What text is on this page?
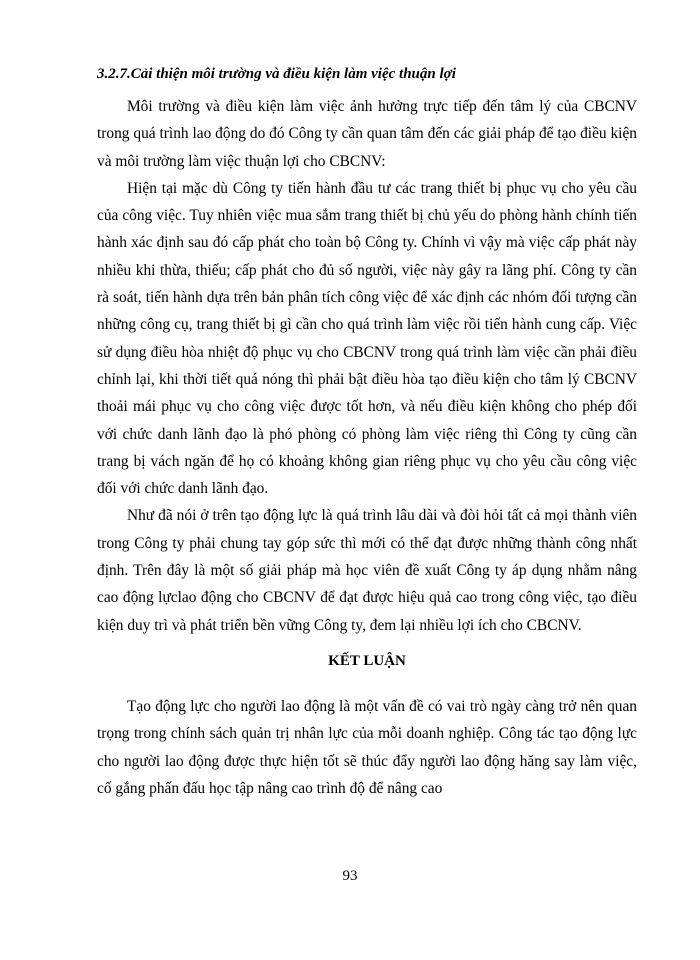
3.2.7.Cải thiện môi trường và điều kiện làm việc thuận lợi

Môi trường và điều kiện làm việc ảnh hưởng trực tiếp đến tâm lý của CBCNV trong quá trình lao động do đó Công ty cần quan tâm đến các giải pháp để tạo điều kiện và môi trường làm việc thuận lợi cho CBCNV:

Hiện tại mặc dù Công ty tiến hành đầu tư các trang thiết bị phục vụ cho yêu cầu của công việc. Tuy nhiên việc mua sắm trang thiết bị chủ yếu do phòng hành chính tiến hành xác định sau đó cấp phát cho toàn bộ Công ty. Chính vì vậy mà việc cấp phát này nhiều khi thừa, thiếu; cấp phát cho đủ số người, việc này gây ra lãng phí. Công ty cần rà soát, tiến hành dựa trên bản phân tích công việc để xác định các nhóm đối tượng cần những công cụ, trang thiết bị gì cần cho quá trình làm việc rồi tiến hành cung cấp. Việc sử dụng điều hòa nhiệt độ phục vụ cho CBCNV trong quá trình làm việc cần phải điều chỉnh lại, khi thời tiết quá nóng thì phải bật điều hòa tạo điều kiện cho tâm lý CBCNV thoải mái phục vụ cho công việc được tốt hơn, và nếu điều kiện không cho phép đối với chức danh lãnh đạo là phó phòng có phòng làm việc riêng thì Công ty cũng cần trang bị vách ngăn để họ có khoảng không gian riêng phục vụ cho yêu cầu công việc đối với chức danh lãnh đạo.

Như đã nói ở trên tạo động lực là quá trình lâu dài và đòi hỏi tất cả mọi thành viên trong Công ty phải chung tay góp sức thì mới có thể đạt được những thành công nhất định. Trên đây là một số giải pháp mà học viên đề xuất Công ty áp dụng nhằm nâng cao động lựclao động cho CBCNV để đạt được hiệu quả cao trong công việc, tạo điều kiện duy trì và phát triển bền vững Công ty, đem lại nhiều lợi ích cho CBCNV.

KẾT LUẬN

Tạo động lực cho người lao động là một vấn đề có vai trò ngày càng trở nên quan trọng trong chính sách quản trị nhân lực của mỗi doanh nghiệp. Công tác tạo động lực cho người lao động được thực hiện tốt sẽ thúc đẩy người lao động hăng say làm việc, cố gắng phấn đấu học tập nâng cao trình độ để nâng cao

93
